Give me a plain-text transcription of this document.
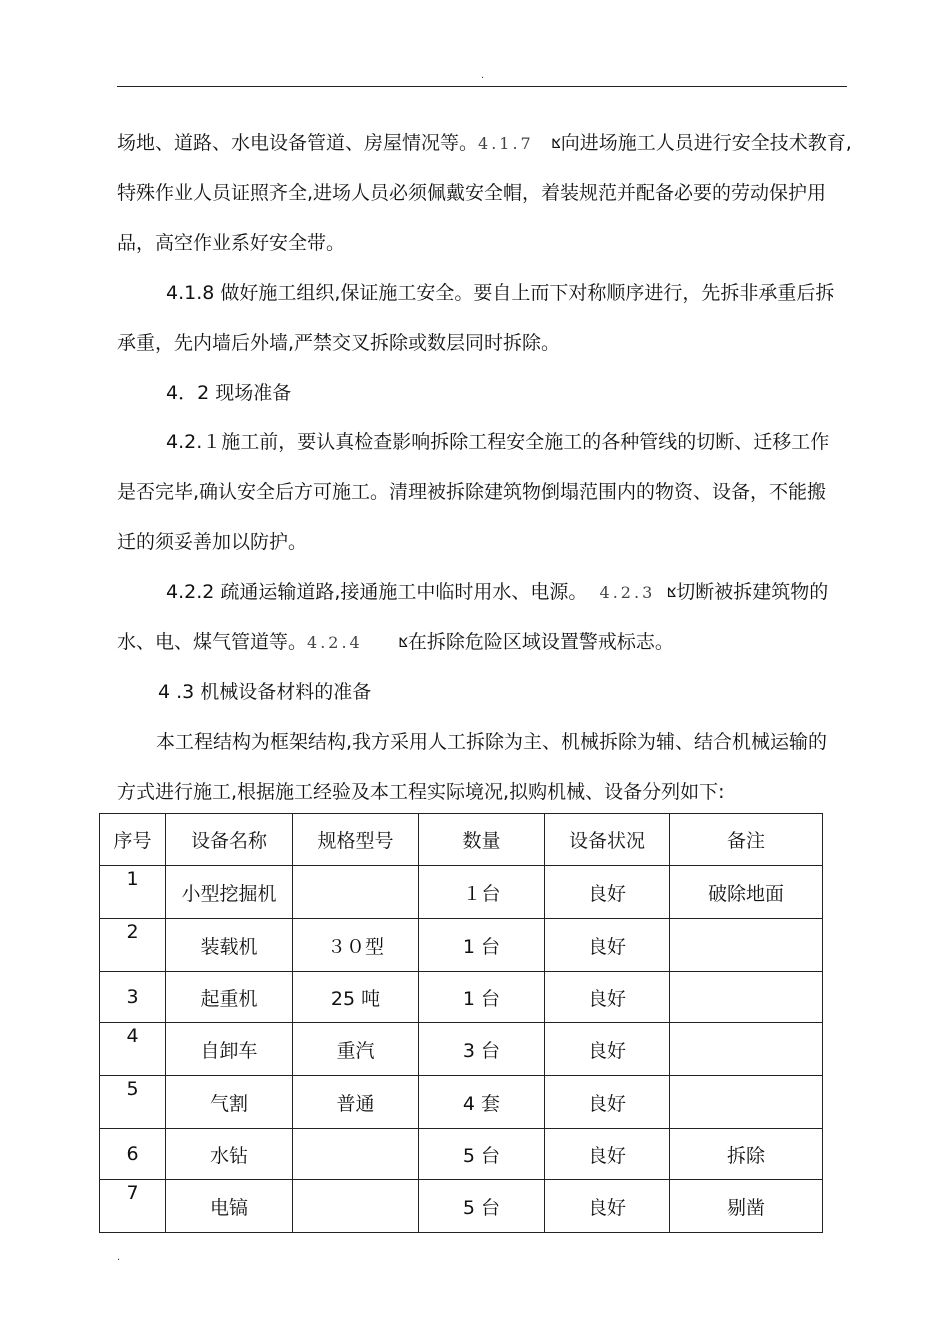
.
场地、道路、水电设备管道、房屋情况等。4.1.7 ⴿ向进场施工人员进行安全技术教育,
特殊作业人员证照齐全,进场人员必须佩戴安全帽，着装规范并配备必要的劳动保护用
品，高空作业系好安全带。
4.1.8 做好施工组织,保证施工安全。要自上而下对称顺序进行，先拆非承重后拆
承重，先内墙后外墙,严禁交叉拆除或数层同时拆除。
4．2 现场准备
4.2.１施工前，要认真检查影响拆除工程安全施工的各种管线的切断、迁移工作
是否完毕,确认安全后方可施工。清理被拆除建筑物倒塌范围内的物资、设备，不能搬
迁的须妥善加以防护。
4.2.2 疏通运输道路,接通施工中临时用水、电源。 4.2.3 ⴿ切断被拆建筑物的
水、电、煤气管道等。4.2.4	ⴿ在拆除危险区域设置警戒标志。
4 .3 机械设备材料的准备
本工程结构为框架结构,我方采用人工拆除为主、机械拆除为辅、结合机械运输的
方式进行施工,根据施工经验及本工程实际境况,拟购机械、设备分列如下:
序号	设备名称	规格型号	数量	设备状况	备注
1	小型挖掘机		１台	良好	破除地面
2	装载机	３０型	1 台	良好	
3	起重机	25 吨	1 台	良好	
4	自卸车	重汽	3 台	良好	
5	气割	普通	4 套	良好	
6	水钻		5 台	良好	拆除
7	电镐		5 台	良好	剔凿
.
